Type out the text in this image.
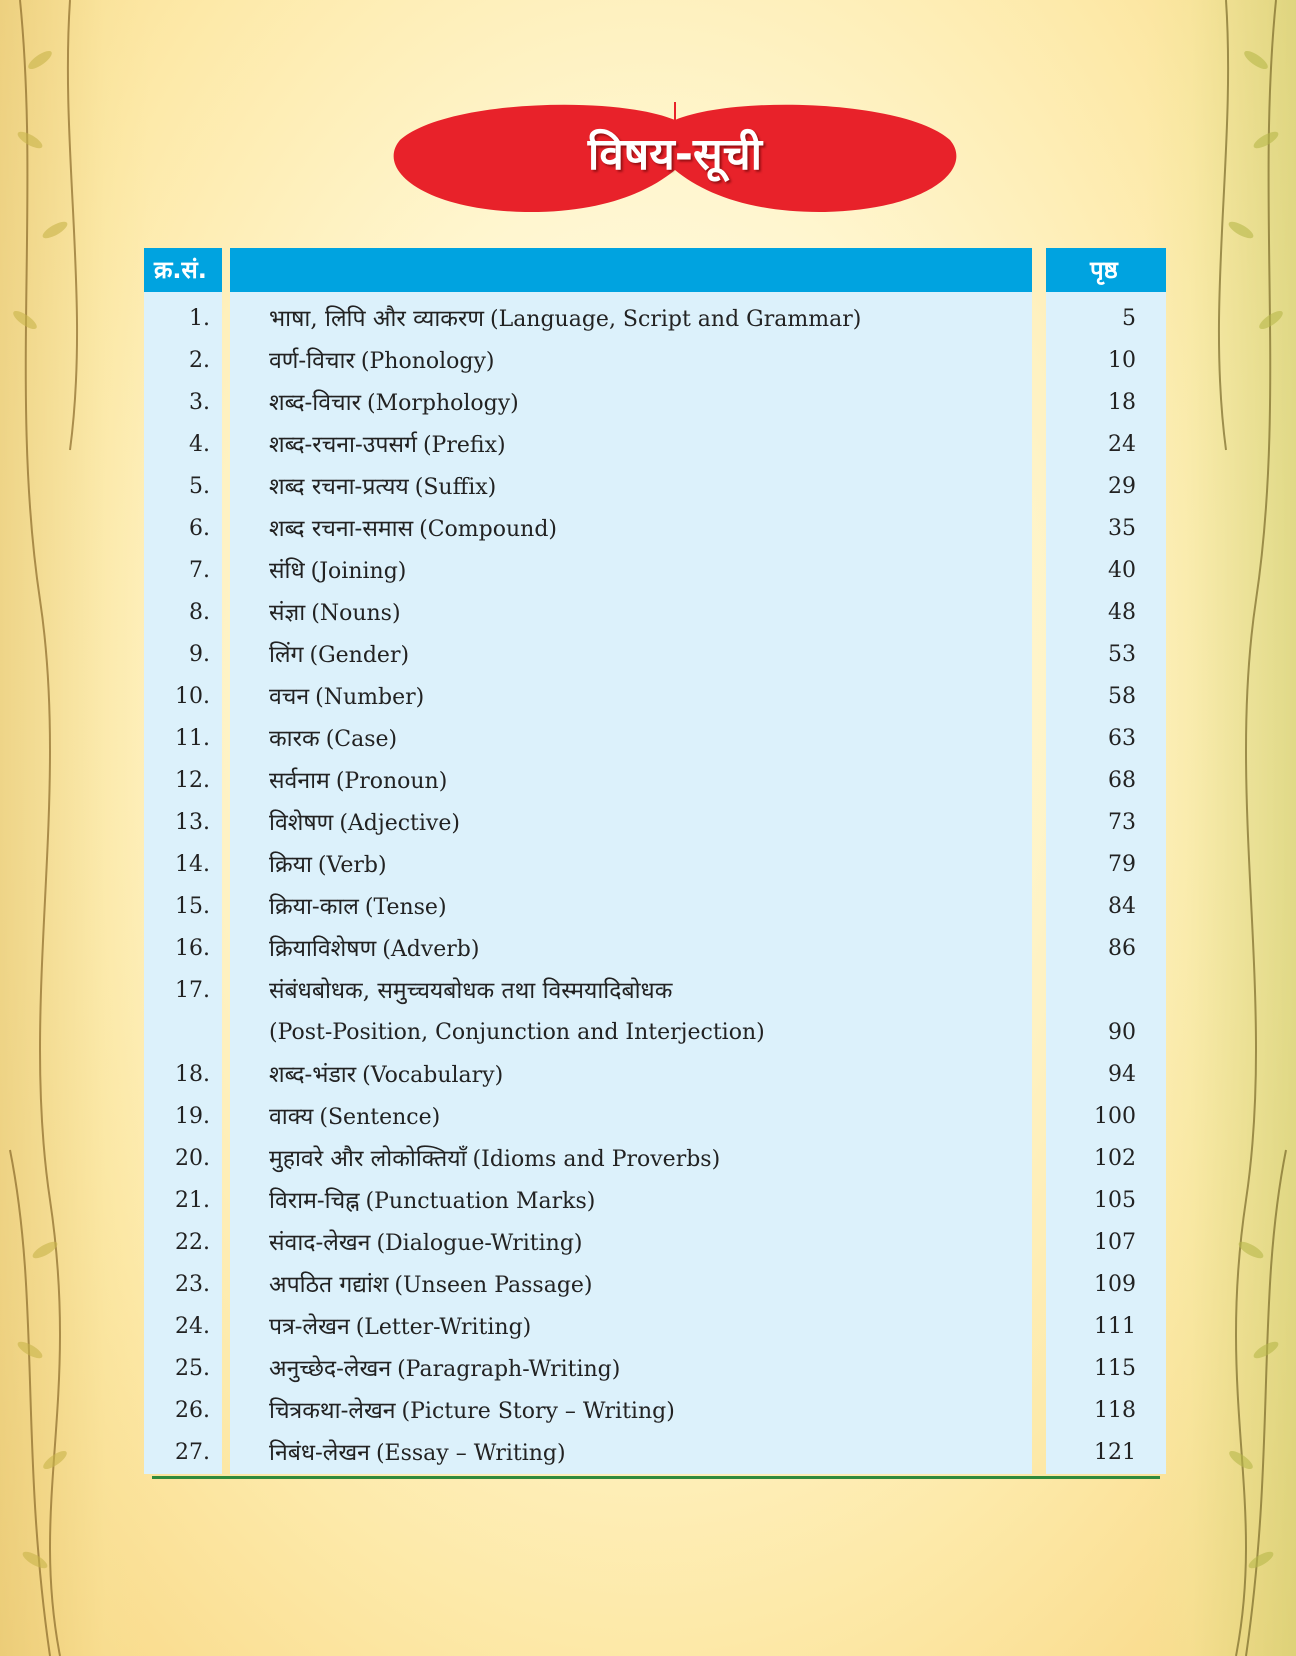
विषय-सूची
क्र.सं.	पृष्ठ
1.	भाषा, लिपि और व्याकरण (Language, Script and Grammar)	5
2.	वर्ण-विचार (Phonology)	10
3.	शब्द-विचार (Morphology)	18
4.	शब्द-रचना-उपसर्ग (Prefix)	24
5.	शब्द रचना-प्रत्यय (Suffix)	29
6.	शब्द रचना-समास (Compound)	35
7.	संधि (Joining)	40
8.	संज्ञा (Nouns)	48
9.	लिंग (Gender)	53
10.	वचन (Number)	58
11.	कारक (Case)	63
12.	सर्वनाम (Pronoun)	68
13.	विशेषण (Adjective)	73
14.	क्रिया (Verb)	79
15.	क्रिया-काल (Tense)	84
16.	क्रियाविशेषण (Adverb)	86
17.	संबंधबोधक, समुच्चयबोधक तथा विस्मयादिबोधक
(Post-Position, Conjunction and Interjection)	90
18.	शब्द-भंडार (Vocabulary)	94
19.	वाक्य (Sentence)	100
20.	मुहावरे और लोकोक्तियाँ (Idioms and Proverbs)	102
21.	विराम-चिह्न (Punctuation Marks)	105
22.	संवाद-लेखन (Dialogue-Writing)	107
23.	अपठित गद्यांश (Unseen Passage)	109
24.	पत्र-लेखन (Letter-Writing)	111
25.	अनुच्छेद-लेखन (Paragraph-Writing)	115
26.	चित्रकथा-लेखन (Picture Story – Writing)	118
27.	निबंध-लेखन (Essay – Writing)	121
